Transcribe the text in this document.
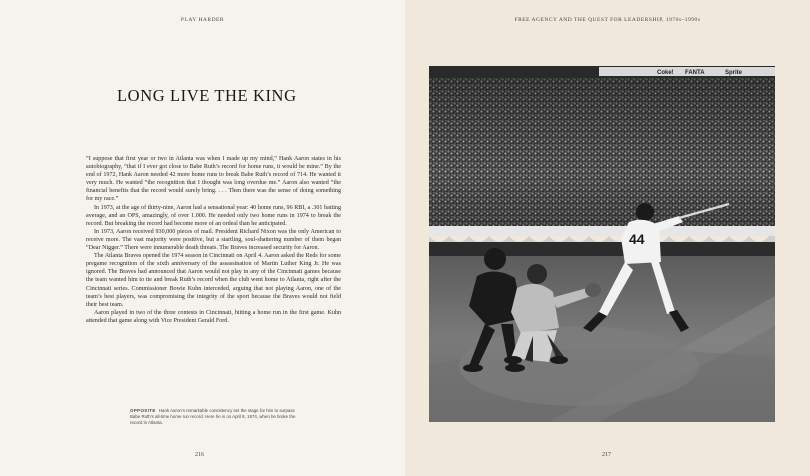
PLAY HARDER
LONG LIVE THE KING

“I suppose that first year or two in Atlanta was when I made up my mind,” Hank Aaron states in his autobiography, “that if I ever got close to Babe Ruth’s record for home runs, it would be mine.” By the end of 1972, Hank Aaron needed 42 more home runs to break Babe Ruth’s record of 714. He wanted it very much. He wanted “the recognition that I thought was long overdue me.” Aaron also wanted “the financial benefits that the record would surely bring. . . . Then there was the sense of doing something for my race.”

In 1973, at the age of thirty-nine, Aaron had a sensational year: 40 home runs, 96 RBI, a .301 batting average, and an OPS, amazingly, of over 1.000. He needed only two home runs in 1974 to break the record. But breaking the record had become more of an ordeal than he anticipated.

In 1973, Aaron received 930,000 pieces of mail. President Richard Nixon was the only American to receive more. The vast majority were positive, but a startling, soul-shattering number of them began “Dear Nigger.” There were innumerable death threats. The Braves increased security for Aaron.

The Atlanta Braves opened the 1974 season in Cincinnati on April 4. Aaron asked the Reds for some pregame recognition of the sixth anniversary of the assassination of Martin Luther King Jr. He was ignored. The Braves had announced that Aaron would not play in any of the Cincinnati games because the team wanted him to tie and break Ruth’s record when the club went home to Atlanta, right after the Cincinnati series. Commissioner Bowie Kuhn interceded, arguing that not playing Aaron, one of the team’s best players, was compromising the integrity of the sport because the Braves would not field their best team.

Aaron played in two of the three contests in Cincinnati, hitting a home run in the first game. Kuhn attended that game along with Vice President Gerald Ford.

OPPOSITE Hank Aaron’s remarkable consistency set the stage for him to surpass Babe Ruth’s all-time home run record. Here he is on April 8, 1974, when he broke the record in Atlanta.
216
FREE AGENCY AND THE QUEST FOR LEADERSHIP, 1970s–1990s
217
Coke! FANTA	Sprite
44
